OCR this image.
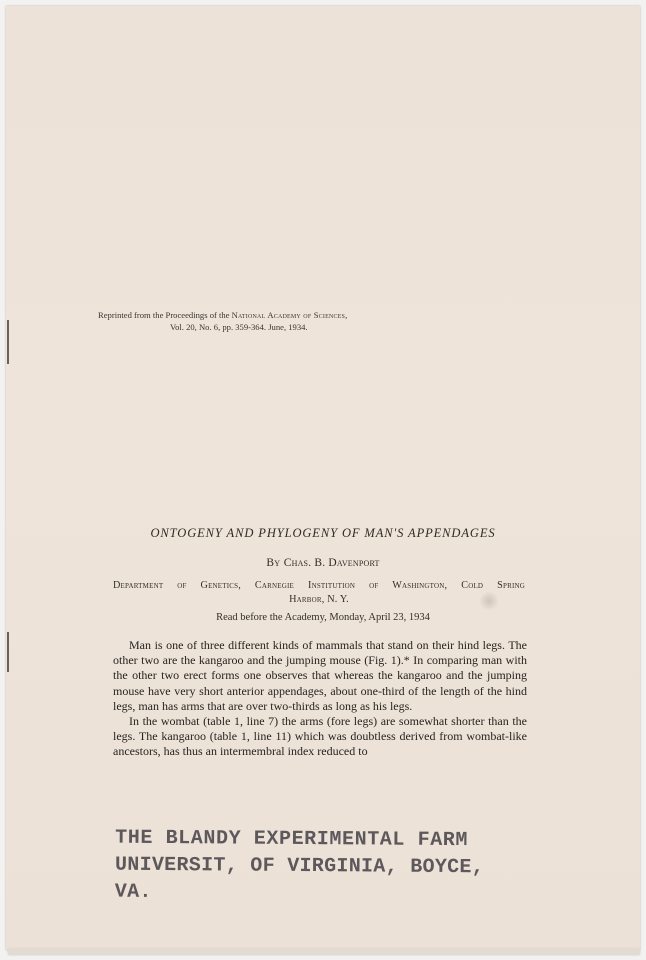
Reprinted from the Proceedings of the National Academy of Sciences,
Vol. 20, No. 6, pp. 359-364. June, 1934.
ONTOGENY AND PHYLOGENY OF MAN'S APPENDAGES
By Chas. B. Davenport
Department of Genetics, Carnegie Institution of Washington, Cold Spring
Harbor, N. Y.
Read before the Academy, Monday, April 23, 1934

Man is one of three different kinds of mammals that stand on their hind legs. The other two are the kangaroo and the jumping mouse (Fig. 1).* In comparing man with the other two erect forms one observes that whereas the kangaroo and the jumping mouse have very short anterior appendages, about one-third of the length of the hind legs, man has arms that are over two-thirds as long as his legs.

In the wombat (table 1, line 7) the arms (fore legs) are somewhat shorter than the legs. The kangaroo (table 1, line 11) which was doubtless derived from wombat-like ancestors, has thus an intermembral index reduced to

THE BLANDY EXPERIMENTAL FARM
UNIVERSIT, OF VIRGINIA, BOYCE, VA.
